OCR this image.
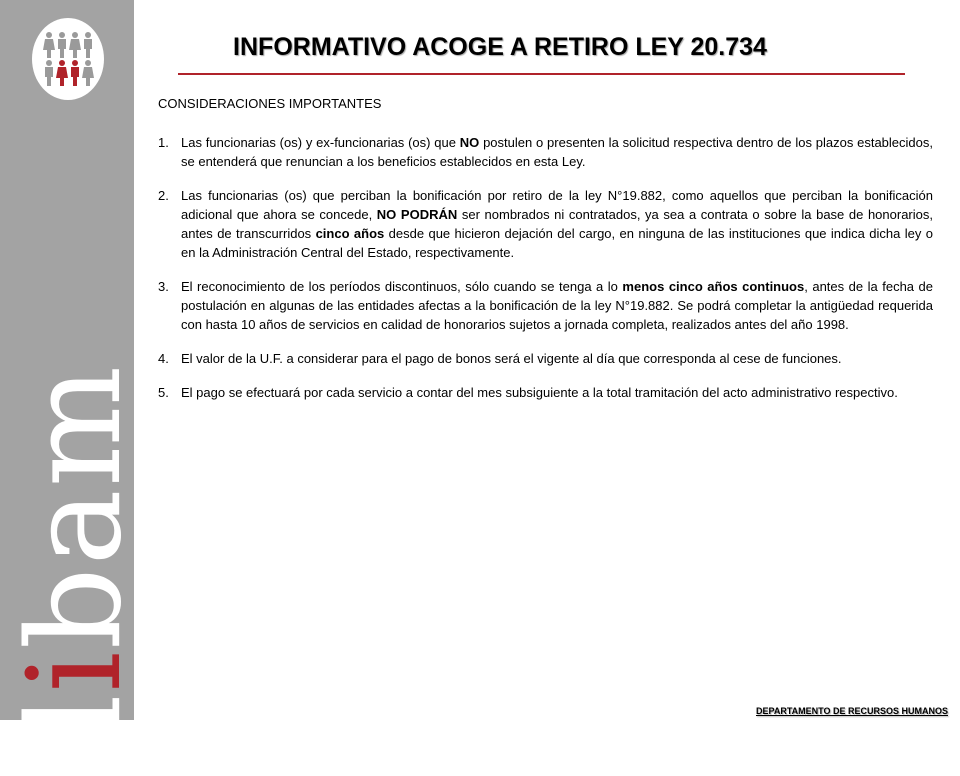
dibam
INFORMATIVO ACOGE A RETIRO LEY 20.734
CONSIDERACIONES IMPORTANTES
1. Las funcionarias (os) y ex-funcionarias (os) que NO postulen o presenten la solicitud respectiva dentro de los plazos establecidos, se entenderá que renuncian a los beneficios establecidos en esta Ley.
2. Las funcionarias (os) que perciban la bonificación por retiro de la ley N°19.882, como aquellos que perciban la bonificación adicional que ahora se concede, NO PODRÁN ser nombrados ni contratados, ya sea a contrata o sobre la base de honorarios, antes de transcurridos cinco años desde que hicieron dejación del cargo, en ninguna de las instituciones que indica dicha ley o en la Administración Central del Estado, respectivamente.
3. El reconocimiento de los períodos discontinuos, sólo cuando se tenga a lo menos cinco años continuos, antes de la fecha de postulación en algunas de las entidades afectas a la bonificación de la ley N°19.882. Se podrá completar la antigüedad requerida con hasta 10 años de servicios en calidad de honorarios sujetos a jornada completa, realizados antes del año 1998.
4. El valor de la U.F. a considerar para el pago de bonos será el vigente al día que corresponda al cese de funciones.
5. El pago se efectuará por cada servicio a contar del mes subsiguiente a la total tramitación del acto administrativo respectivo.
DEPARTAMENTO DE RECURSOS HUMANOS
